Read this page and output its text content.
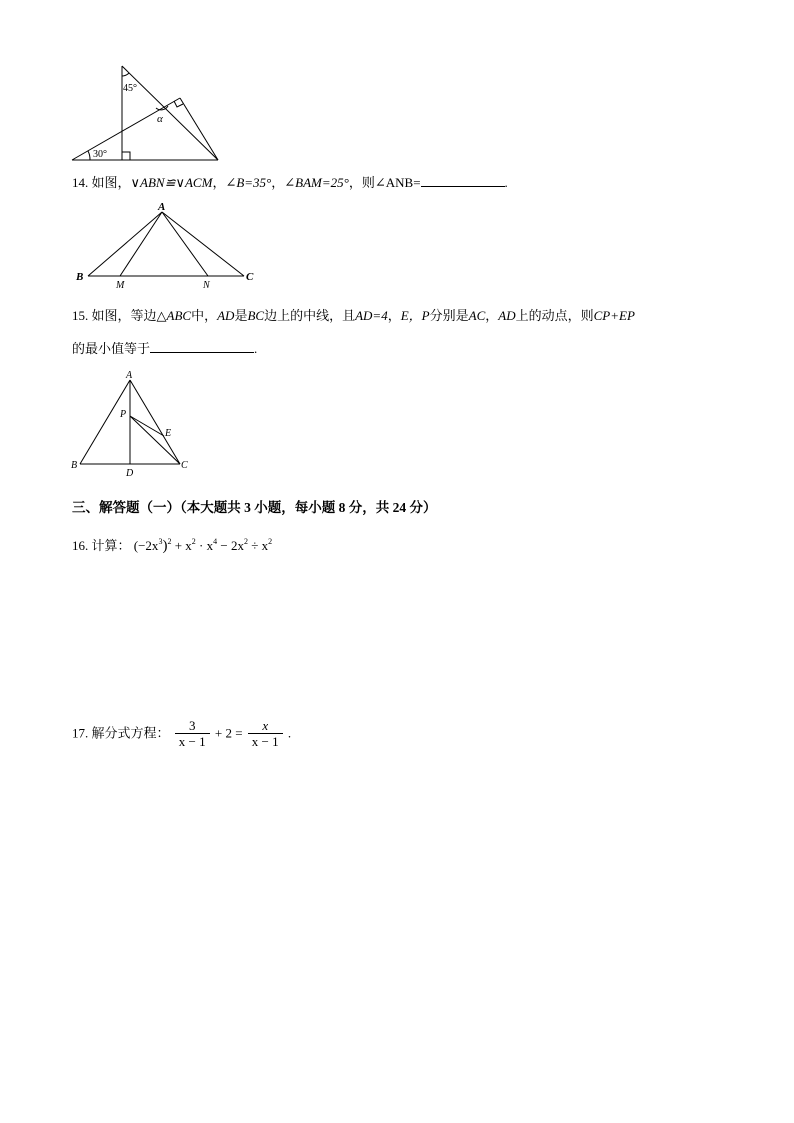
45°
α
30°
14. 如图，∨ABN≌∨ACM，∠B=35°，∠BAM=25°，则∠ANB=	.
A
B	C
M	N
15. 如图，等边△ABC中，AD是BC边上的中线，且AD=4，E，P分别是AC，AD上的动点，则CP+EP
的最小值等于	.
A
B	C
D
E
P
三、解答题（一）（本大题共 3 小题，每小题 8 分，共 24 分）
16. 计算： $(-2x^3)^2 + x^2 \cdot x^4 - 2x^2 \div x^2$
17. 解分式方程： $\frac{3}{x - 1} + 2 = \frac{x}{x - 1}$ .
